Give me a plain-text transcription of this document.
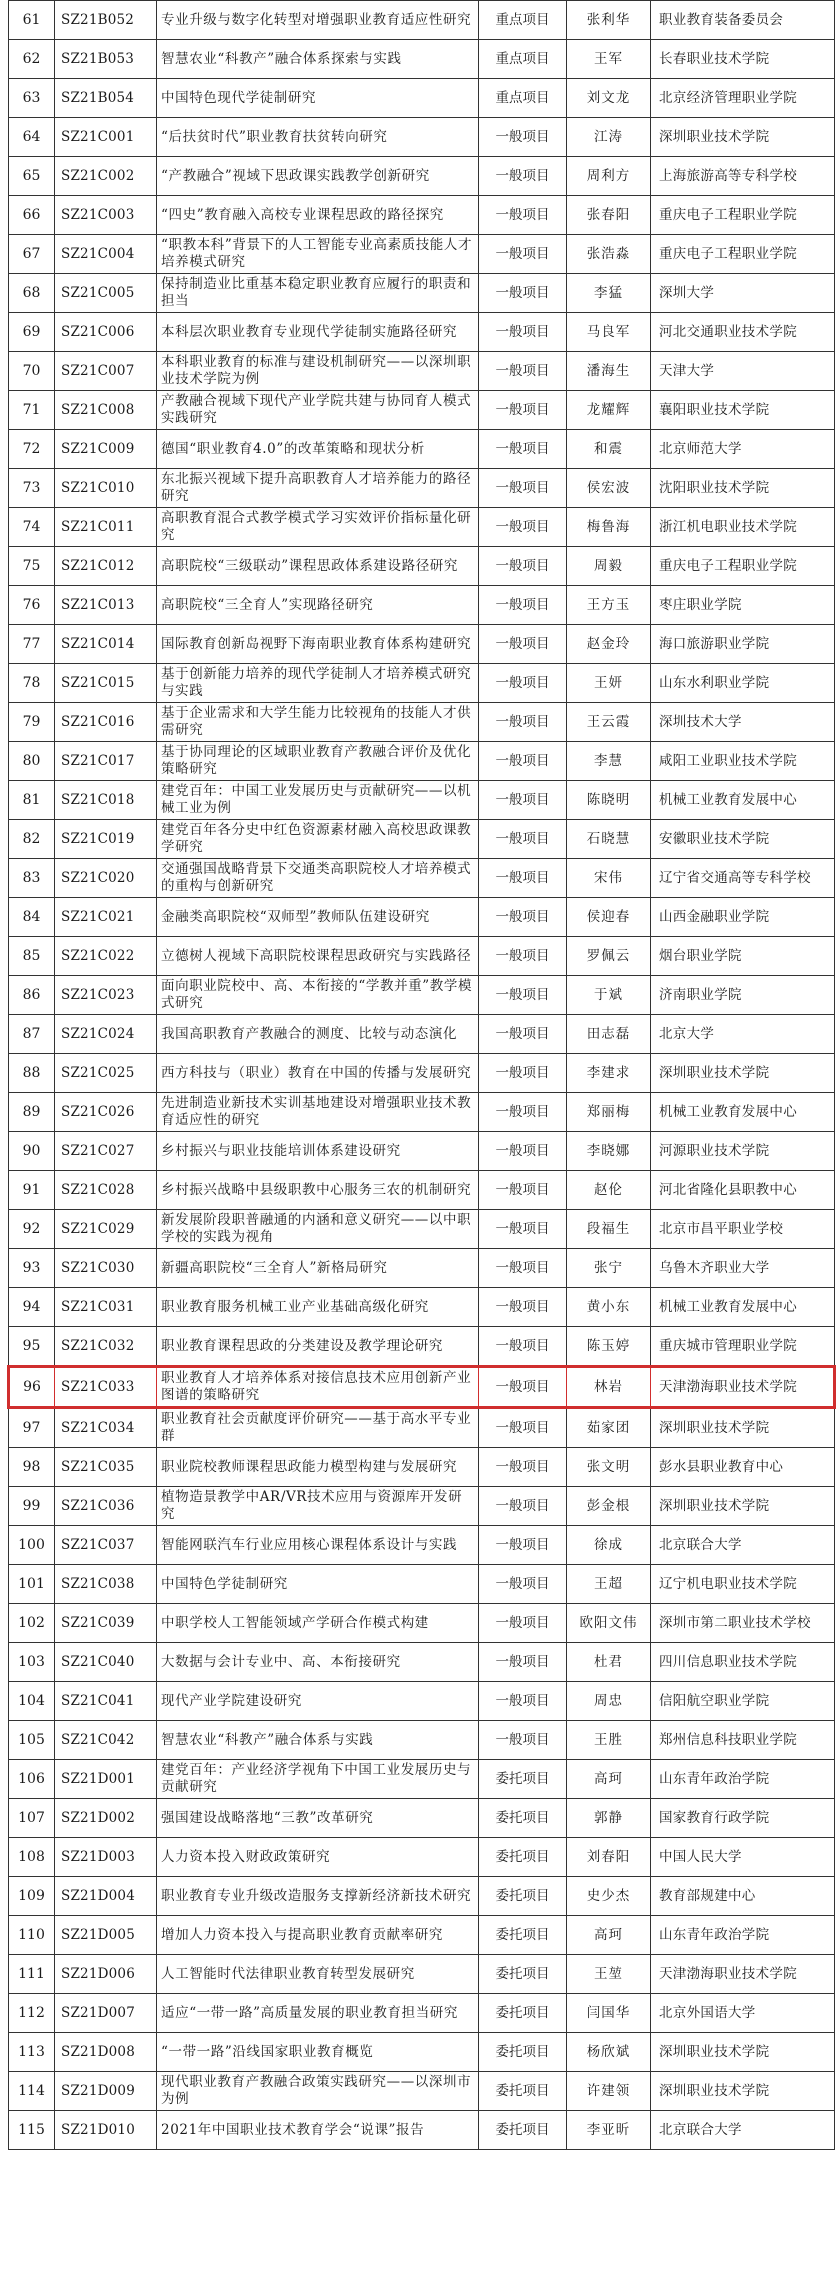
61	SZ21B052	专业升级与数字化转型对增强职业教育适应性研究	重点项目	张利华	职业教育装备委员会
62	SZ21B053	智慧农业“科教产”融合体系探索与实践	重点项目	王军	长春职业技术学院
63	SZ21B054	中国特色现代学徒制研究	重点项目	刘文龙	北京经济管理职业学院
64	SZ21C001	“后扶贫时代”职业教育扶贫转向研究	一般项目	江涛	深圳职业技术学院
65	SZ21C002	“产教融合”视域下思政课实践教学创新研究	一般项目	周利方	上海旅游高等专科学校
66	SZ21C003	“四史”教育融入高校专业课程思政的路径探究	一般项目	张春阳	重庆电子工程职业学院
67	SZ21C004	“职教本科”背景下的人工智能专业高素质技能人才培养模式研究	一般项目	张浩淼	重庆电子工程职业学院
68	SZ21C005	保持制造业比重基本稳定职业教育应履行的职责和担当	一般项目	李猛	深圳大学
69	SZ21C006	本科层次职业教育专业现代学徒制实施路径研究	一般项目	马良军	河北交通职业技术学院
70	SZ21C007	本科职业教育的标准与建设机制研究——以深圳职业技术学院为例	一般项目	潘海生	天津大学
71	SZ21C008	产教融合视域下现代产业学院共建与协同育人模式实践研究	一般项目	龙耀辉	襄阳职业技术学院
72	SZ21C009	德国“职业教育4.0”的改革策略和现状分析	一般项目	和震	北京师范大学
73	SZ21C010	东北振兴视域下提升高职教育人才培养能力的路径研究	一般项目	侯宏波	沈阳职业技术学院
74	SZ21C011	高职教育混合式教学模式学习实效评价指标量化研究	一般项目	梅鲁海	浙江机电职业技术学院
75	SZ21C012	高职院校“三级联动”课程思政体系建设路径研究	一般项目	周毅	重庆电子工程职业学院
76	SZ21C013	高职院校“三全育人”实现路径研究	一般项目	王方玉	枣庄职业学院
77	SZ21C014	国际教育创新岛视野下海南职业教育体系构建研究	一般项目	赵金玲	海口旅游职业学院
78	SZ21C015	基于创新能力培养的现代学徒制人才培养模式研究与实践	一般项目	王妍	山东水利职业学院
79	SZ21C016	基于企业需求和大学生能力比较视角的技能人才供需研究	一般项目	王云霞	深圳技术大学
80	SZ21C017	基于协同理论的区域职业教育产教融合评价及优化策略研究	一般项目	李慧	咸阳工业职业技术学院
81	SZ21C018	建党百年：中国工业发展历史与贡献研究——以机械工业为例	一般项目	陈晓明	机械工业教育发展中心
82	SZ21C019	建党百年各分史中红色资源素材融入高校思政课教学研究	一般项目	石晓慧	安徽职业技术学院
83	SZ21C020	交通强国战略背景下交通类高职院校人才培养模式的重构与创新研究	一般项目	宋伟	辽宁省交通高等专科学校
84	SZ21C021	金融类高职院校“双师型”教师队伍建设研究	一般项目	侯迎春	山西金融职业学院
85	SZ21C022	立德树人视域下高职院校课程思政研究与实践路径	一般项目	罗佩云	烟台职业学院
86	SZ21C023	面向职业院校中、高、本衔接的“学教并重”教学模式研究	一般项目	于斌	济南职业学院
87	SZ21C024	我国高职教育产教融合的测度、比较与动态演化	一般项目	田志磊	北京大学
88	SZ21C025	西方科技与（职业）教育在中国的传播与发展研究	一般项目	李建求	深圳职业技术学院
89	SZ21C026	先进制造业新技术实训基地建设对增强职业技术教育适应性的研究	一般项目	郑丽梅	机械工业教育发展中心
90	SZ21C027	乡村振兴与职业技能培训体系建设研究	一般项目	李晓娜	河源职业技术学院
91	SZ21C028	乡村振兴战略中县级职教中心服务三农的机制研究	一般项目	赵伦	河北省隆化县职教中心
92	SZ21C029	新发展阶段职普融通的内涵和意义研究——以中职学校的实践为视角	一般项目	段福生	北京市昌平职业学校
93	SZ21C030	新疆高职院校“三全育人”新格局研究	一般项目	张宁	乌鲁木齐职业大学
94	SZ21C031	职业教育服务机械工业产业基础高级化研究	一般项目	黄小东	机械工业教育发展中心
95	SZ21C032	职业教育课程思政的分类建设及教学理论研究	一般项目	陈玉婷	重庆城市管理职业学院
96	SZ21C033	职业教育人才培养体系对接信息技术应用创新产业图谱的策略研究	一般项目	林岩	天津渤海职业技术学院
97	SZ21C034	职业教育社会贡献度评价研究——基于高水平专业群	一般项目	茹家团	深圳职业技术学院
98	SZ21C035	职业院校教师课程思政能力模型构建与发展研究	一般项目	张文明	彭水县职业教育中心
99	SZ21C036	植物造景教学中AR/VR技术应用与资源库开发研究	一般项目	彭金根	深圳职业技术学院
100	SZ21C037	智能网联汽车行业应用核心课程体系设计与实践	一般项目	徐成	北京联合大学
101	SZ21C038	中国特色学徒制研究	一般项目	王超	辽宁机电职业技术学院
102	SZ21C039	中职学校人工智能领域产学研合作模式构建	一般项目	欧阳文伟	深圳市第二职业技术学校
103	SZ21C040	大数据与会计专业中、高、本衔接研究	一般项目	杜君	四川信息职业技术学院
104	SZ21C041	现代产业学院建设研究	一般项目	周忠	信阳航空职业学院
105	SZ21C042	智慧农业“科教产”融合体系与实践	一般项目	王胜	郑州信息科技职业学院
106	SZ21D001	建党百年：产业经济学视角下中国工业发展历史与贡献研究	委托项目	高珂	山东青年政治学院
107	SZ21D002	强国建设战略落地“三教”改革研究	委托项目	郭静	国家教育行政学院
108	SZ21D003	人力资本投入财政政策研究	委托项目	刘春阳	中国人民大学
109	SZ21D004	职业教育专业升级改造服务支撑新经济新技术研究	委托项目	史少杰	教育部规建中心
110	SZ21D005	增加人力资本投入与提高职业教育贡献率研究	委托项目	高珂	山东青年政治学院
111	SZ21D006	人工智能时代法律职业教育转型发展研究	委托项目	王堃	天津渤海职业技术学院
112	SZ21D007	适应“一带一路”高质量发展的职业教育担当研究	委托项目	闫国华	北京外国语大学
113	SZ21D008	“一带一路”沿线国家职业教育概览	委托项目	杨欣斌	深圳职业技术学院
114	SZ21D009	现代职业教育产教融合政策实践研究——以深圳市为例	委托项目	许建领	深圳职业技术学院
115	SZ21D010	2021年中国职业技术教育学会“说课”报告	委托项目	李亚昕	北京联合大学
